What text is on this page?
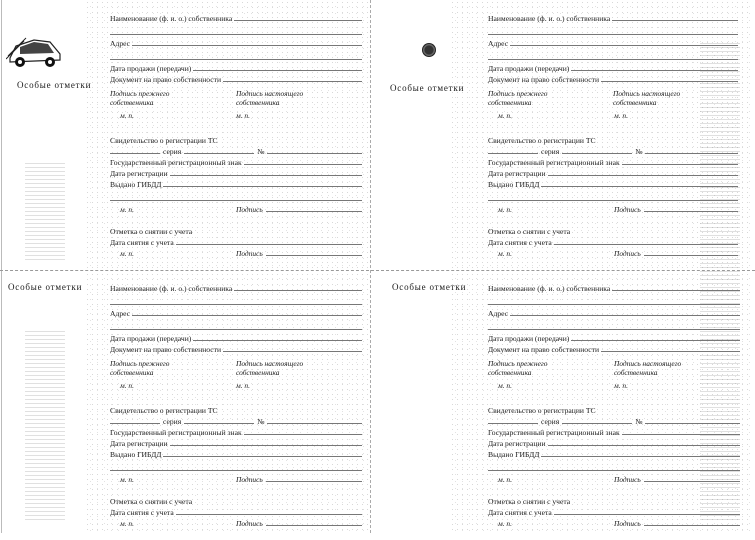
Особые отметки
Наименование (ф. и. о.) собственника
Адрес
Дата продажи (передачи)
Документ на право собственности
Подпись прежнего
собственника
Подпись настоящего
собственника
м. п.	м. п.
Свидетельство о регистрации ТС
серия	№
Государственный регистрационный знак
Дата регистрации
Выдано ГИБДД
м. п.	Подпись
Отметка о снятии с учета
Дата снятия с учета
м. п.	Подпись
Особые отметки
Наименование (ф. и. о.) собственника
Адрес
Дата продажи (передачи)
Документ на право собственности
Подпись прежнего
собственника
Подпись настоящего
собственника
м. п.	м. п.
Свидетельство о регистрации ТС
серия	№
Государственный регистрационный знак
Дата регистрации
Выдано ГИБДД
м. п.	Подпись
Отметка о снятии с учета
Дата снятия с учета
м. п.	Подпись
Особые отметки	Наименование (ф. и. о.) собственника
Адрес
Дата продажи (передачи)
Документ на право собственности
Подпись прежнего
собственника
Подпись настоящего
собственника
м. п.	м. п.
Свидетельство о регистрации ТС
серия	№
Государственный регистрационный знак
Дата регистрации
Выдано ГИБДД
м. п.	Подпись
Отметка о снятии с учета
Дата снятия с учета
м. п.	Подпись
Особые отметки	Наименование (ф. и. о.) собственника
Адрес
Дата продажи (передачи)
Документ на право собственности
Подпись прежнего
собственника
Подпись настоящего
собственника
м. п.	м. п.
Свидетельство о регистрации ТС
серия	№
Государственный регистрационный знак
Дата регистрации
Выдано ГИБДД
м. п.	Подпись
Отметка о снятии с учета
Дата снятия с учета
м. п.	Подпись
